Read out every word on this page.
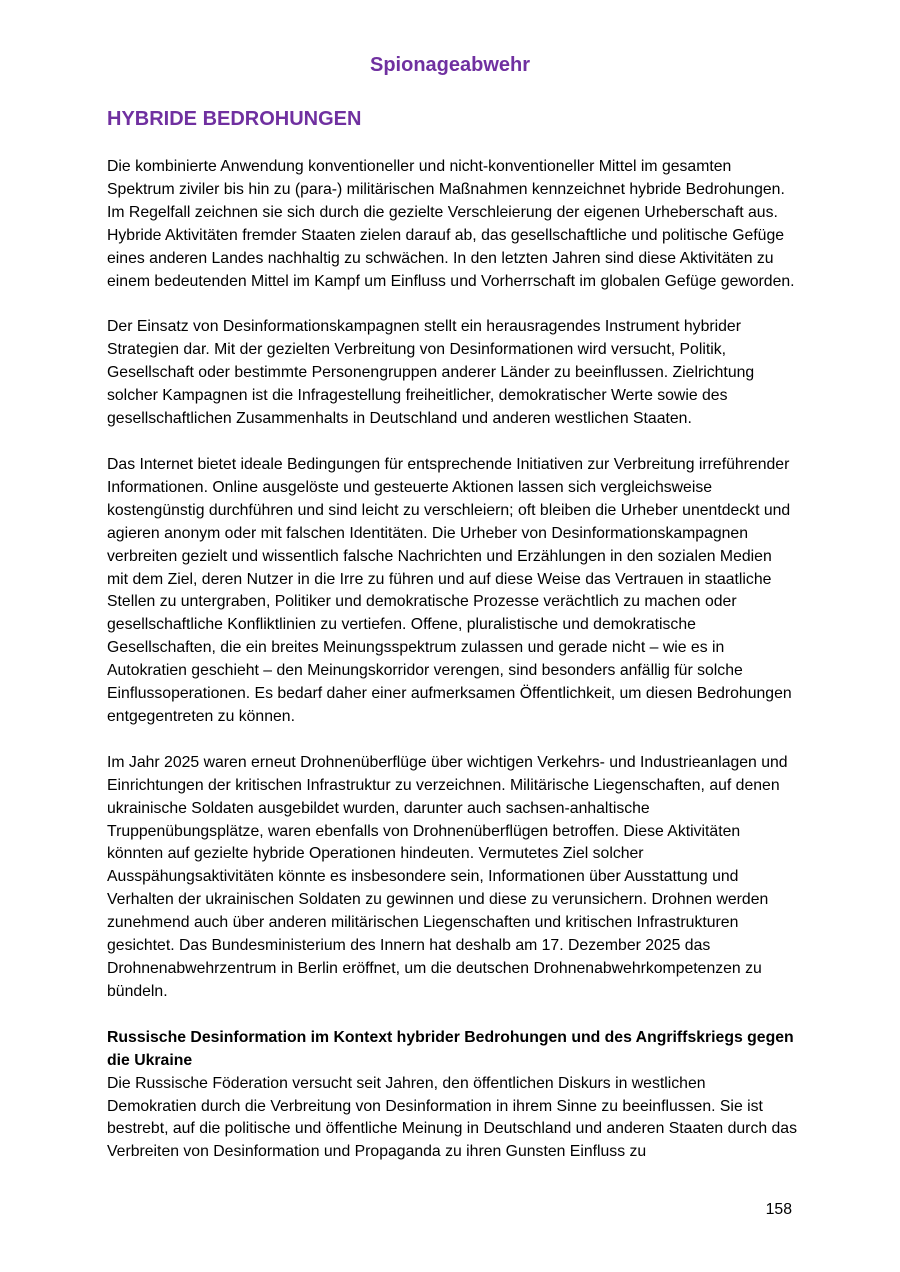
Spionageabwehr
HYBRIDE BEDROHUNGEN

Die kombinierte Anwendung konventioneller und nicht-konventioneller Mittel im gesamten Spektrum ziviler bis hin zu (para-) militärischen Maßnahmen kennzeichnet hybride Bedrohungen. Im Regelfall zeichnen sie sich durch die gezielte Verschleierung der eigenen Urheberschaft aus. Hybride Aktivitäten fremder Staaten zielen darauf ab, das gesellschaftliche und politische Gefüge eines anderen Landes nachhaltig zu schwächen. In den letzten Jahren sind diese Aktivitäten zu einem bedeutenden Mittel im Kampf um Einfluss und Vorherrschaft im globalen Gefüge geworden.

Der Einsatz von Desinformationskampagnen stellt ein herausragendes Instrument hybrider Strategien dar. Mit der gezielten Verbreitung von Desinformationen wird versucht, Politik, Gesellschaft oder bestimmte Personengruppen anderer Länder zu beeinflussen. Zielrichtung solcher Kampagnen ist die Infragestellung freiheitlicher, demokratischer Werte sowie des gesellschaftlichen Zusammenhalts in Deutschland und anderen westlichen Staaten.

Das Internet bietet ideale Bedingungen für entsprechende Initiativen zur Verbreitung irreführender Informationen. Online ausgelöste und gesteuerte Aktionen lassen sich vergleichsweise kostengünstig durchführen und sind leicht zu verschleiern; oft bleiben die Urheber unentdeckt und agieren anonym oder mit falschen Identitäten. Die Urheber von Desinformationskampagnen verbreiten gezielt und wissentlich falsche Nachrichten und Erzählungen in den sozialen Medien mit dem Ziel, deren Nutzer in die Irre zu führen und auf diese Weise das Vertrauen in staatliche Stellen zu untergraben, Politiker und demokratische Prozesse verächtlich zu machen oder gesellschaftliche Konfliktlinien zu vertiefen. Offene, pluralistische und demokratische Gesellschaften, die ein breites Meinungsspektrum zulassen und gerade nicht – wie es in Autokratien geschieht – den Meinungskorridor verengen, sind besonders anfällig für solche Einflussoperationen. Es bedarf daher einer aufmerksamen Öffentlichkeit, um diesen Bedrohungen entgegentreten zu können.

Im Jahr 2025 waren erneut Drohnenüberflüge über wichtigen Verkehrs- und Industrieanlagen und Einrichtungen der kritischen Infrastruktur zu verzeichnen. Militärische Liegenschaften, auf denen ukrainische Soldaten ausgebildet wurden, darunter auch sachsen-anhaltische Truppenübungsplätze, waren ebenfalls von Drohnenüberflügen betroffen. Diese Aktivitäten könnten auf gezielte hybride Operationen hindeuten. Vermutetes Ziel solcher Ausspähungsaktivitäten könnte es insbesondere sein, Informationen über Ausstattung und Verhalten der ukrainischen Soldaten zu gewinnen und diese zu verunsichern. Drohnen werden zunehmend auch über anderen militärischen Liegenschaften und kritischen Infrastrukturen gesichtet. Das Bundesministerium des Innern hat deshalb am 17. Dezember 2025 das Drohnenabwehrzentrum in Berlin eröffnet, um die deutschen Drohnenabwehrkompetenzen zu bündeln.

Russische Desinformation im Kontext hybrider Bedrohungen und des Angriffskriegs gegen die Ukraine

Die Russische Föderation versucht seit Jahren, den öffentlichen Diskurs in westlichen Demokratien durch die Verbreitung von Desinformation in ihrem Sinne zu beeinflussen. Sie ist bestrebt, auf die politische und öffentliche Meinung in Deutschland und anderen Staaten durch das Verbreiten von Desinformation und Propaganda zu ihren Gunsten Einfluss zu

158
